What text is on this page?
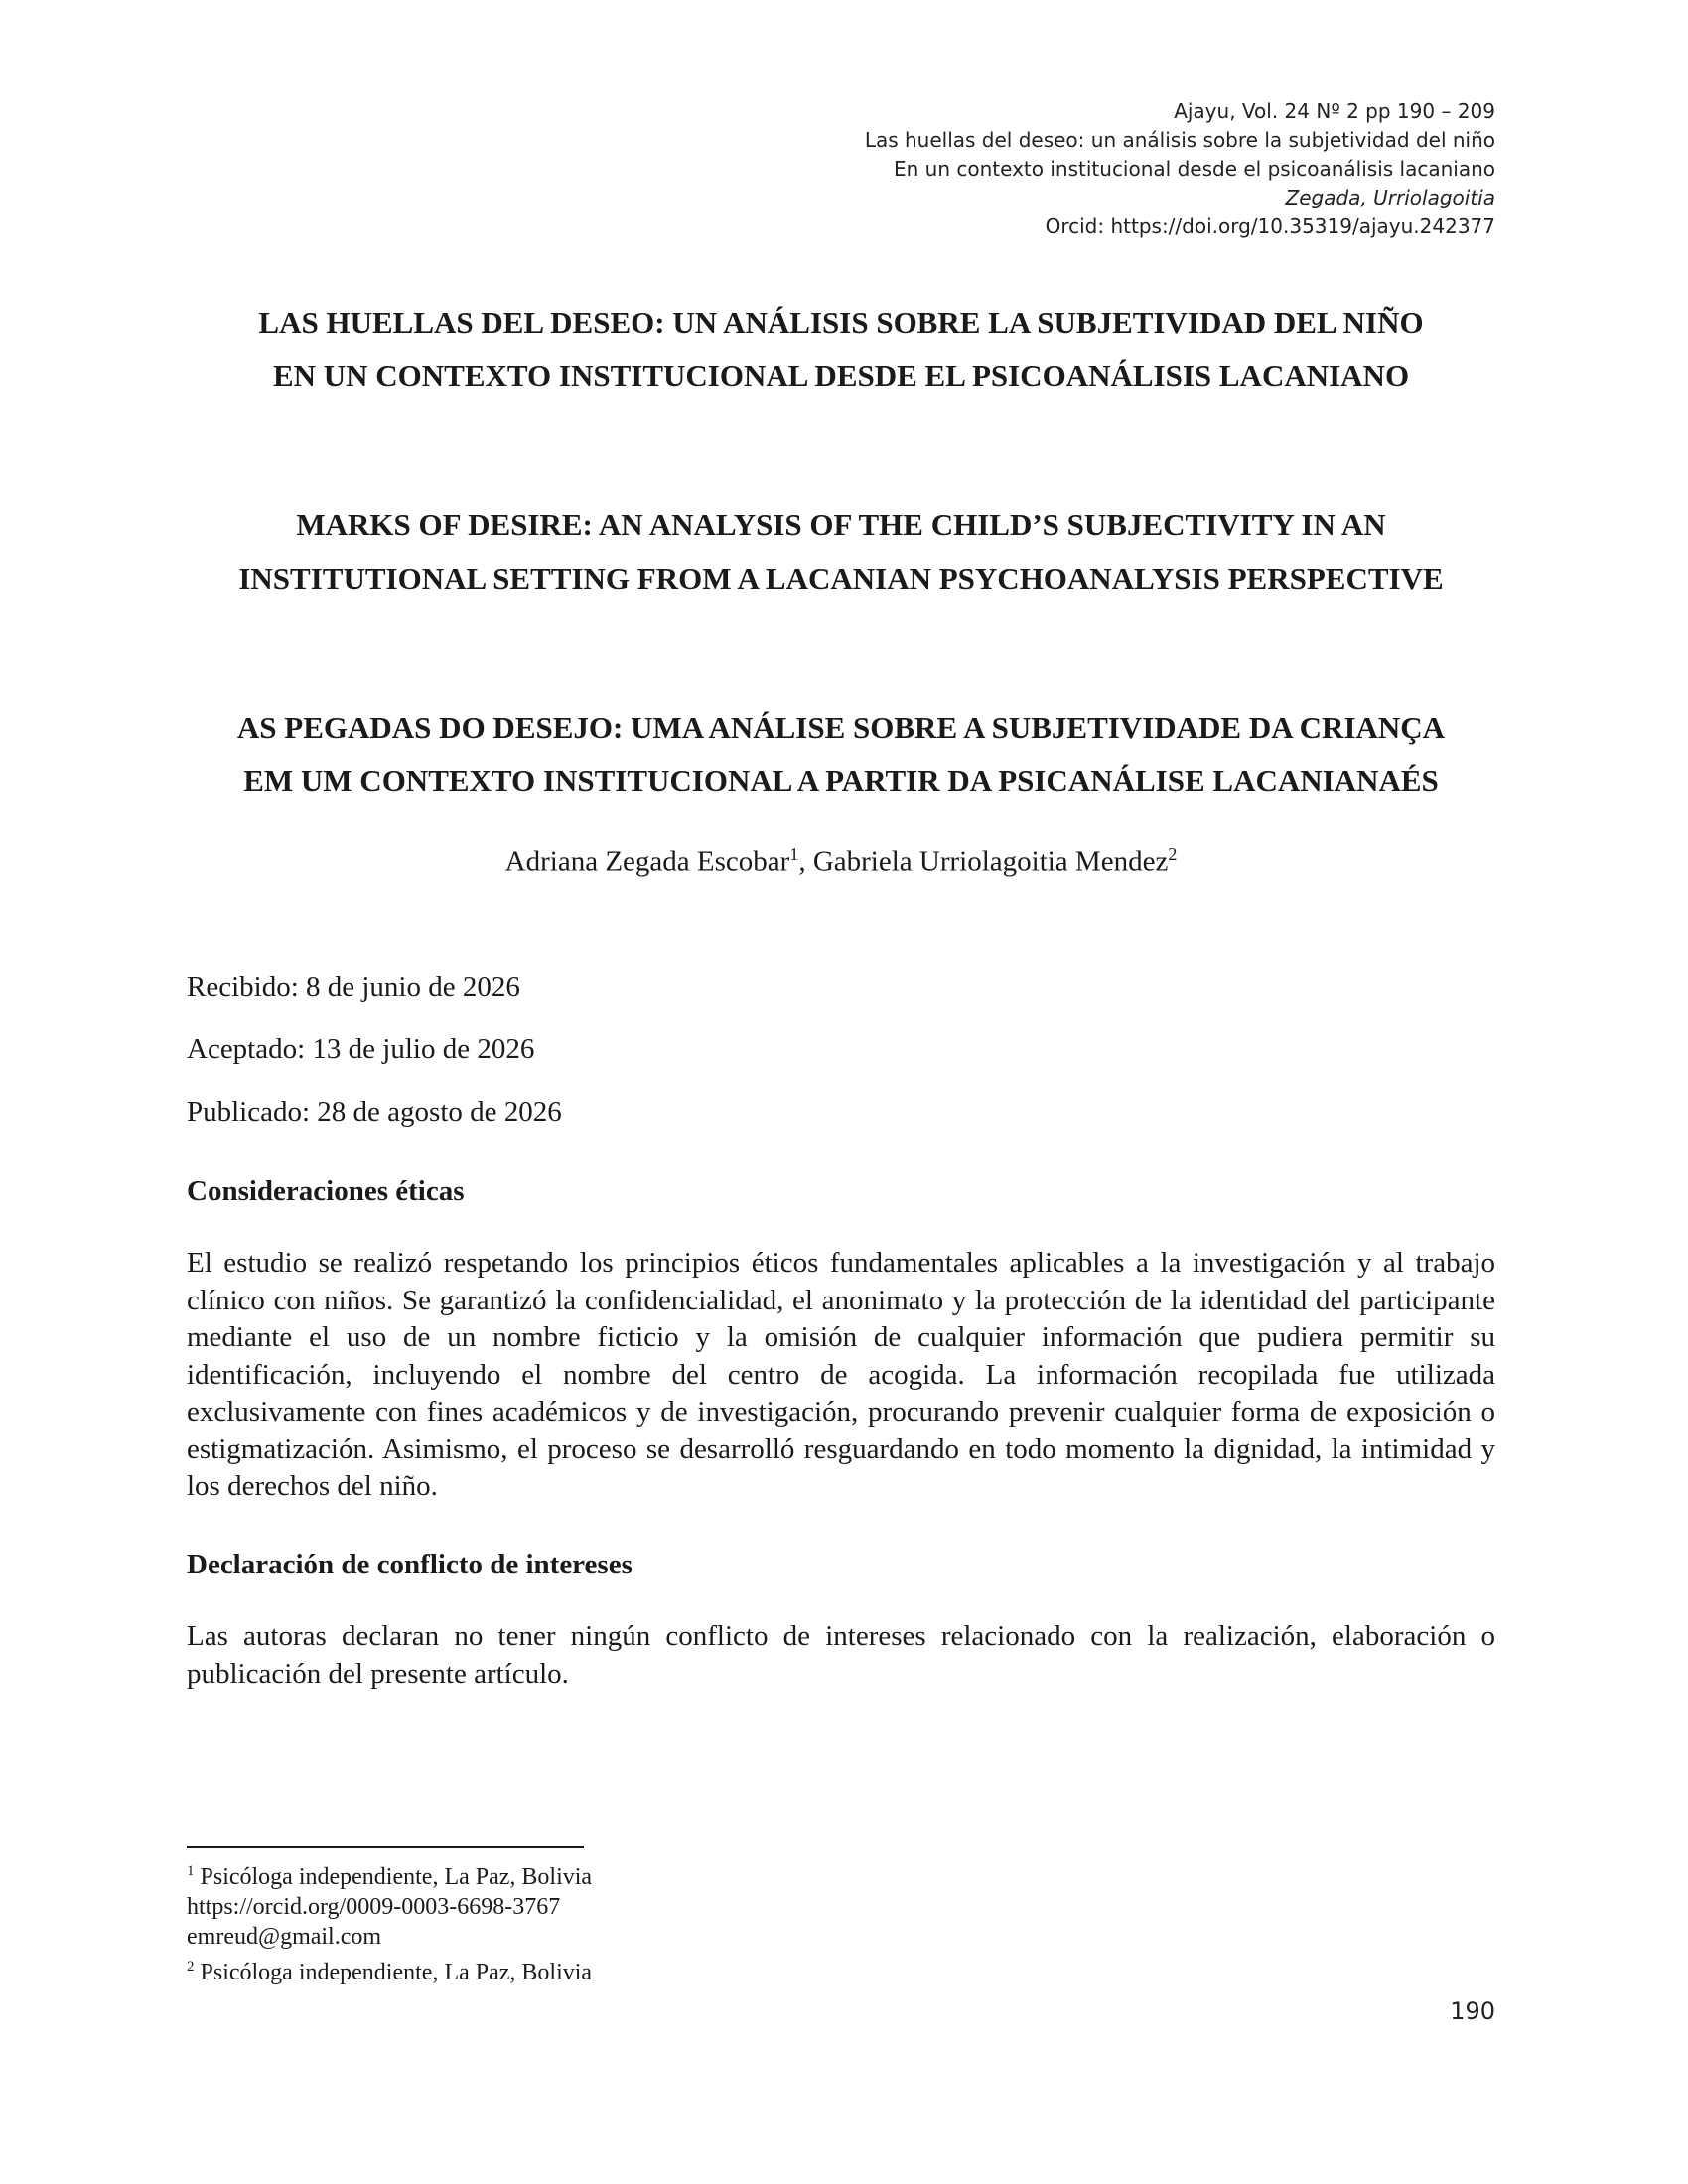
Ajayu, Vol. 24 Nº 2 pp 190 – 209
Las huellas del deseo: un análisis sobre la subjetividad del niño
En un contexto institucional desde el psicoanálisis lacaniano
Zegada, Urriolagoitia
Orcid: https://doi.org/10.35319/ajayu.242377
LAS HUELLAS DEL DESEO: UN ANÁLISIS SOBRE LA SUBJETIVIDAD DEL NIÑO
EN UN CONTEXTO INSTITUCIONAL DESDE EL PSICOANÁLISIS LACANIANO
MARKS OF DESIRE: AN ANALYSIS OF THE CHILD’S SUBJECTIVITY IN AN
INSTITUTIONAL SETTING FROM A LACANIAN PSYCHOANALYSIS PERSPECTIVE
AS PEGADAS DO DESEJO: UMA ANÁLISE SOBRE A SUBJETIVIDADE DA CRIANÇA
EM UM CONTEXTO INSTITUCIONAL A PARTIR DA PSICANÁLISE LACANIANAÉS
Adriana Zegada Escobar$^1$, Gabriela Urriolagoitia Mendez$^2$
Recibido: 8 de junio de 2026
Aceptado: 13 de julio de 2026
Publicado: 28 de agosto de 2026
Consideraciones éticas

El estudio se realizó respetando los principios éticos fundamentales aplicables a la investigación y al trabajo clínico con niños. Se garantizó la confidencialidad, el anonimato y la protección de la identidad del participante mediante el uso de un nombre ficticio y la omisión de cualquier información que pudiera permitir su identificación, incluyendo el nombre del centro de acogida. La información recopilada fue utilizada exclusivamente con fines académicos y de investigación, procurando prevenir cualquier forma de exposición o estigmatización. Asimismo, el proceso se desarrolló resguardando en todo momento la dignidad, la intimidad y los derechos del niño.

Declaración de conflicto de intereses

Las autoras declaran no tener ningún conflicto de intereses relacionado con la realización, elaboración o publicación del presente artículo.

$^1$ Psicóloga independiente, La Paz, Bolivia
https://orcid.org/0009-0003-6698-3767
emreud@gmail.com
$^2$ Psicóloga independiente, La Paz, Bolivia
190
